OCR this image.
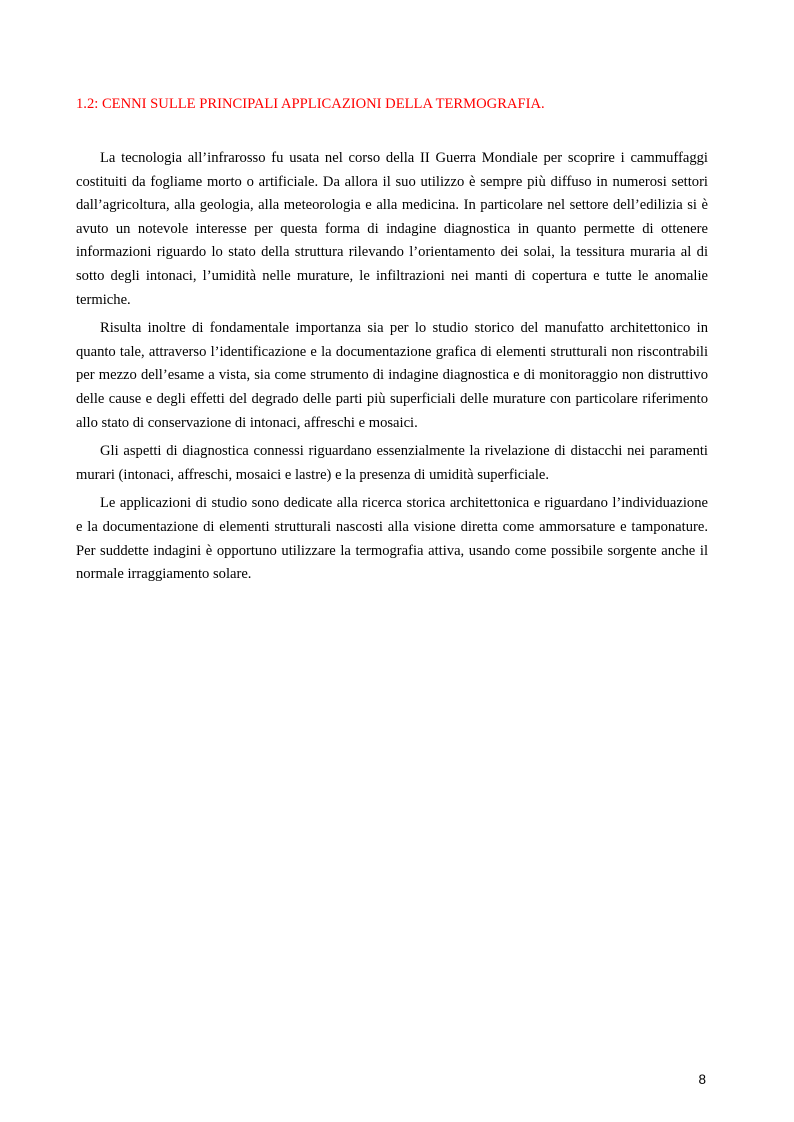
1.2: CENNI SULLE PRINCIPALI APPLICAZIONI DELLA TERMOGRAFIA.

La tecnologia all’infrarosso fu usata nel corso della II Guerra Mondiale per scoprire i cammuffaggi costituiti da fogliame morto o artificiale. Da allora il suo utilizzo è sempre più diffuso in numerosi settori dall’agricoltura, alla geologia, alla meteorologia e alla medicina. In particolare nel settore dell’edilizia si è avuto un notevole interesse per questa forma di indagine diagnostica in quanto permette di ottenere informazioni riguardo lo stato della struttura rilevando l’orientamento dei solai, la tessitura muraria al di sotto degli intonaci, l’umidità nelle murature, le infiltrazioni nei manti di copertura e tutte le anomalie termiche.

Risulta inoltre di fondamentale importanza sia per lo studio storico del manufatto architettonico in quanto tale, attraverso l’identificazione e la documentazione grafica di elementi strutturali non riscontrabili per mezzo dell’esame a vista, sia come strumento di indagine diagnostica e di monitoraggio non distruttivo delle cause e degli effetti del degrado delle parti più superficiali delle murature con particolare riferimento allo stato di conservazione di intonaci, affreschi e mosaici.

Gli aspetti di diagnostica connessi riguardano essenzialmente la rivelazione di distacchi nei paramenti murari (intonaci, affreschi, mosaici e lastre) e la presenza di umidità superficiale.

Le applicazioni di studio sono dedicate alla ricerca storica architettonica e riguardano l’individuazione e la documentazione di elementi strutturali nascosti alla visione diretta come ammorsature e tamponature. Per suddette indagini è opportuno utilizzare la termografia attiva, usando come possibile sorgente anche il normale irraggiamento solare.

8
